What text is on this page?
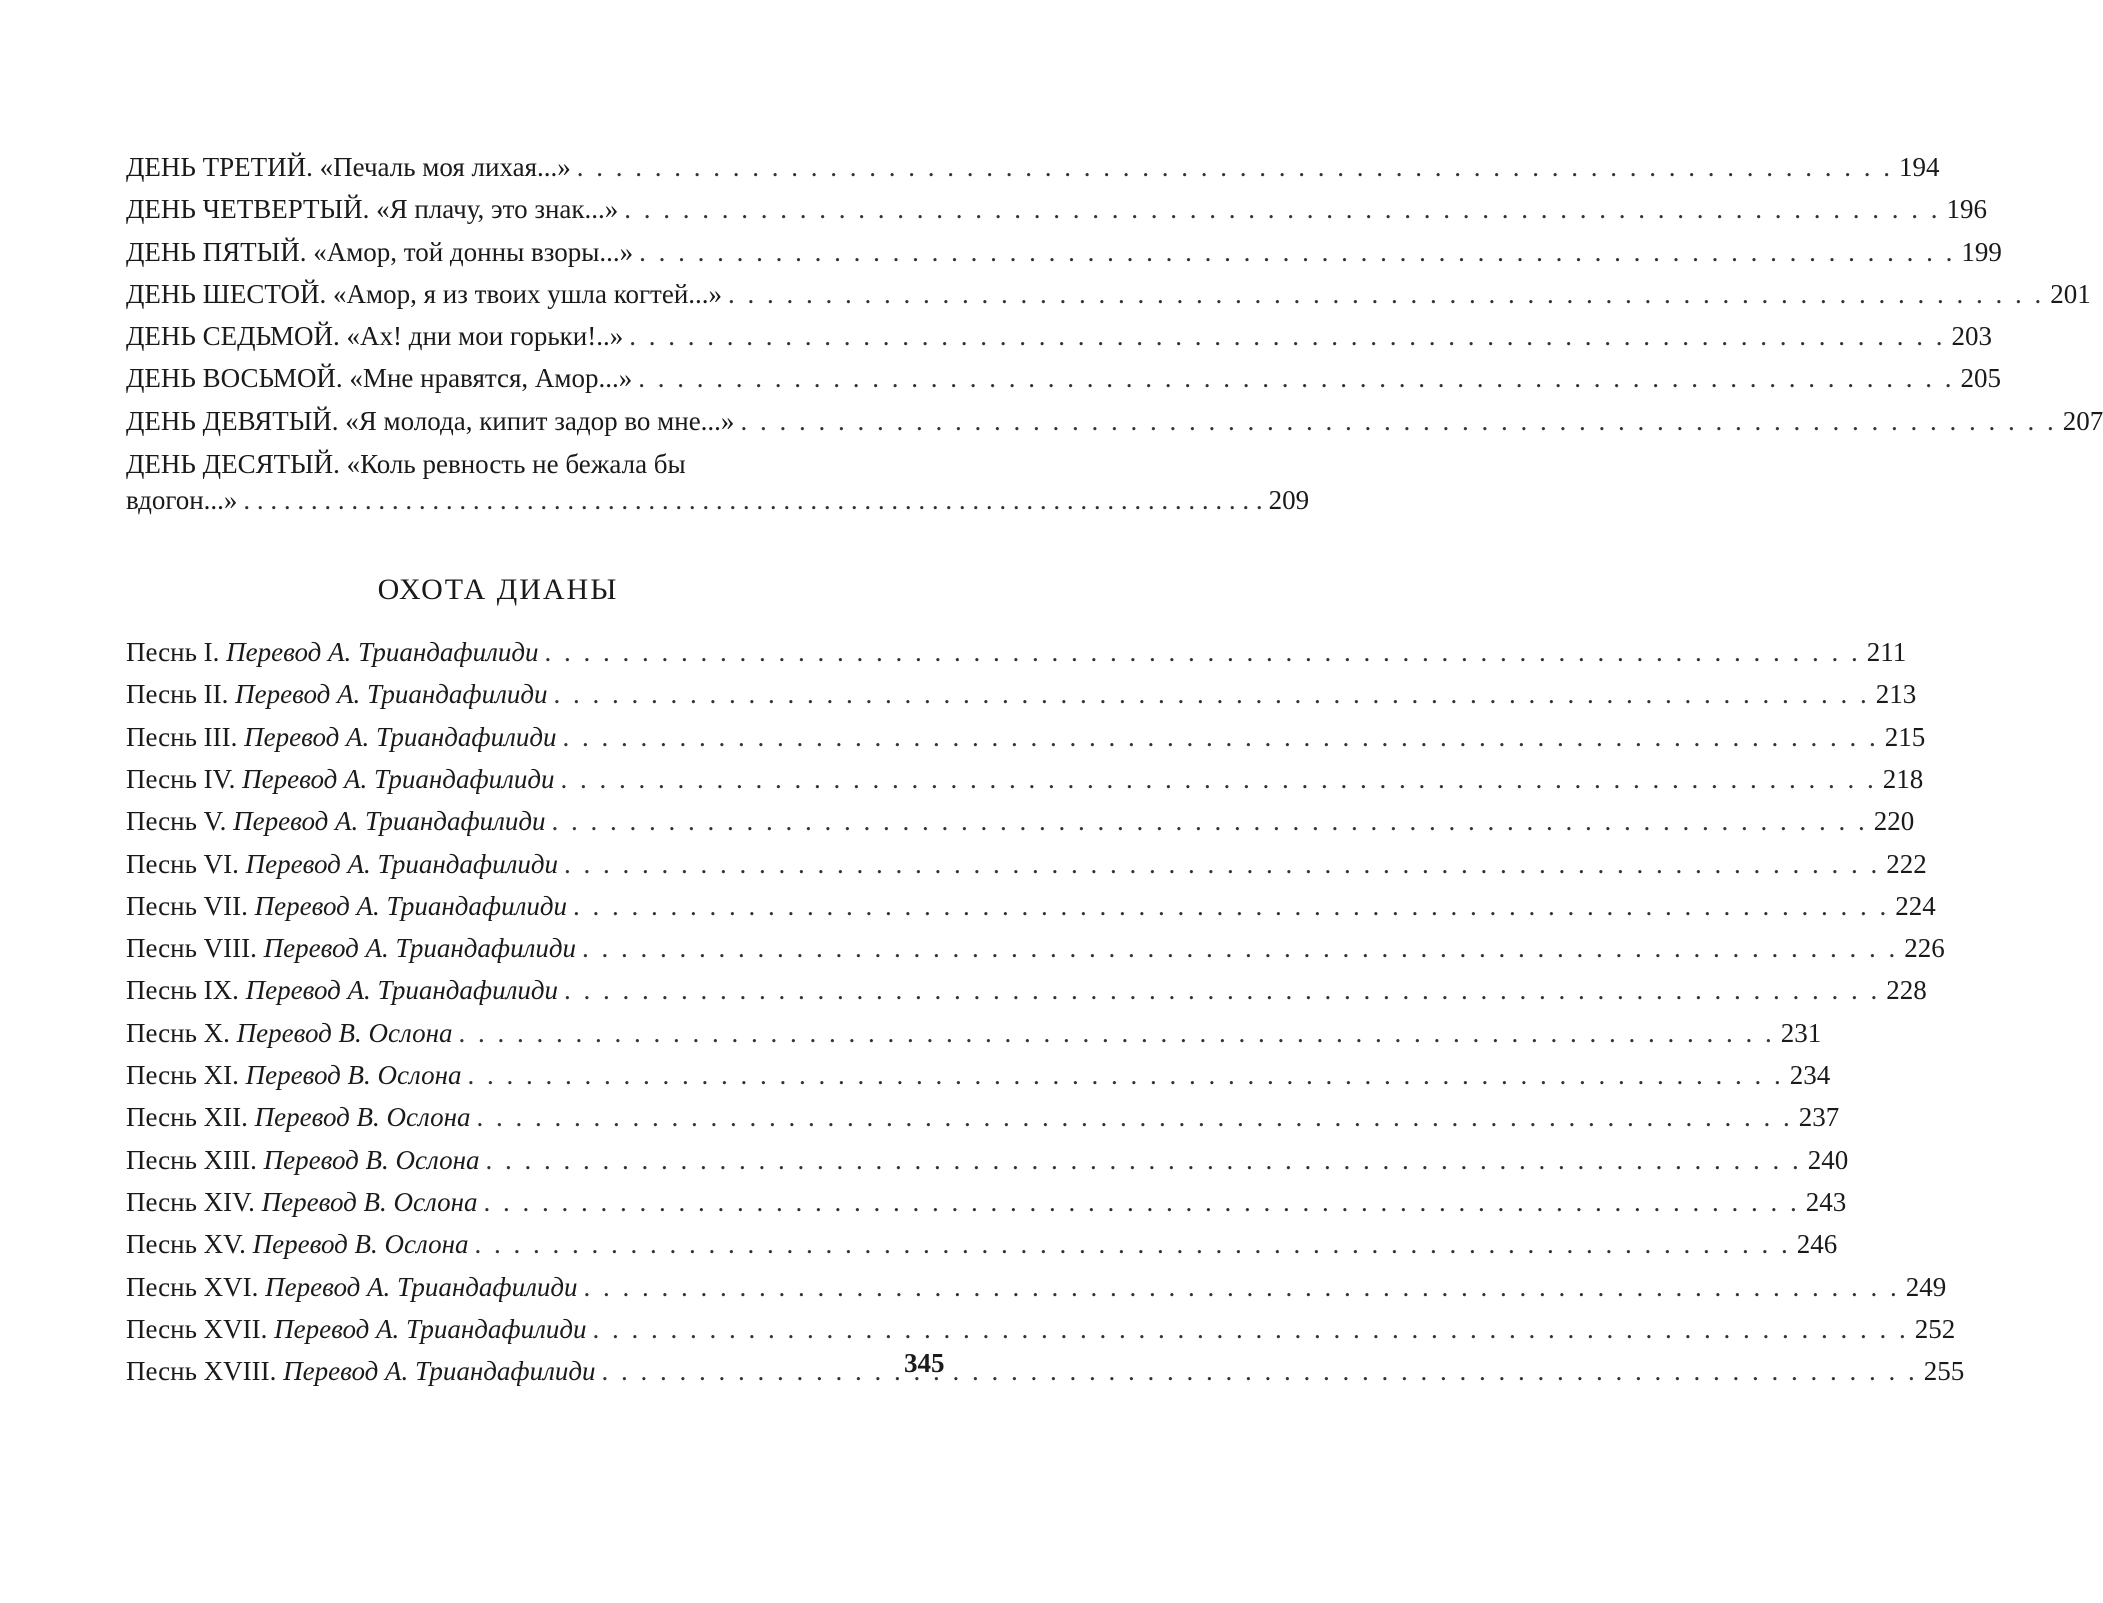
ДЕНЬ ТРЕТИЙ. «Печаль моя лихая...» . . .	194
ДЕНЬ ЧЕТВЕРТЫЙ. «Я плачу, это знак...» . . .	196
ДЕНЬ ПЯТЫЙ. «Амор, той донны взоры...» . . .	199
ДЕНЬ ШЕСТОЙ. «Амор, я из твоих ушла когтей...» . . .	201
ДЕНЬ СЕДЬМОЙ. «Ах! дни мои горьки!..» . . .	203
ДЕНЬ ВОСЬМОЙ. «Мне нравятся, Амор...» . . .	205
ДЕНЬ ДЕВЯТЫЙ. «Я молода, кипит задор во мне...» . . .	207
ДЕНЬ ДЕСЯТЫЙ. «Коль ревность не бежала бы
вдогон...» . . . . . . . . . . . . . . . . . . . . . . . . . . . . . . . . . . . . . . . . . . . . . . . . . . . . . . . . . . . . . . . . . . . . . . . . . . . . 209
ОХОТА ДИАНЫ
Песнь I. Перевод А. Триандафилиди . . .	211
Песнь II. Перевод А. Триандафилиди . . .	213
Песнь III. Перевод А. Триандафилиди . . .	215
Песнь IV. Перевод А. Триандафилиди . . .	218
Песнь V. Перевод А. Триандафилиди . . .	220
Песнь VI. Перевод А. Триандафилиди . . .	222
Песнь VII. Перевод А. Триандафилиди . . .	224
Песнь VIII. Перевод А. Триандафилиди . . .	226
Песнь IX. Перевод А. Триандафилиди . . .	228
Песнь X. Перевод В. Ослона . . .	231
Песнь XI. Перевод В. Ослона . . .	234
Песнь XII. Перевод В. Ослона . . .	237
Песнь XIII. Перевод В. Ослона . . .	240
Песнь XIV. Перевод В. Ослона . . .	243
Песнь XV. Перевод В. Ослона . . .	246
Песнь XVI. Перевод А. Триандафилиди . . .	249
Песнь XVII. Перевод А. Триандафилиди . . .	252
Песнь XVIII. Перевод А. Триандафилиди . . .	255
345
